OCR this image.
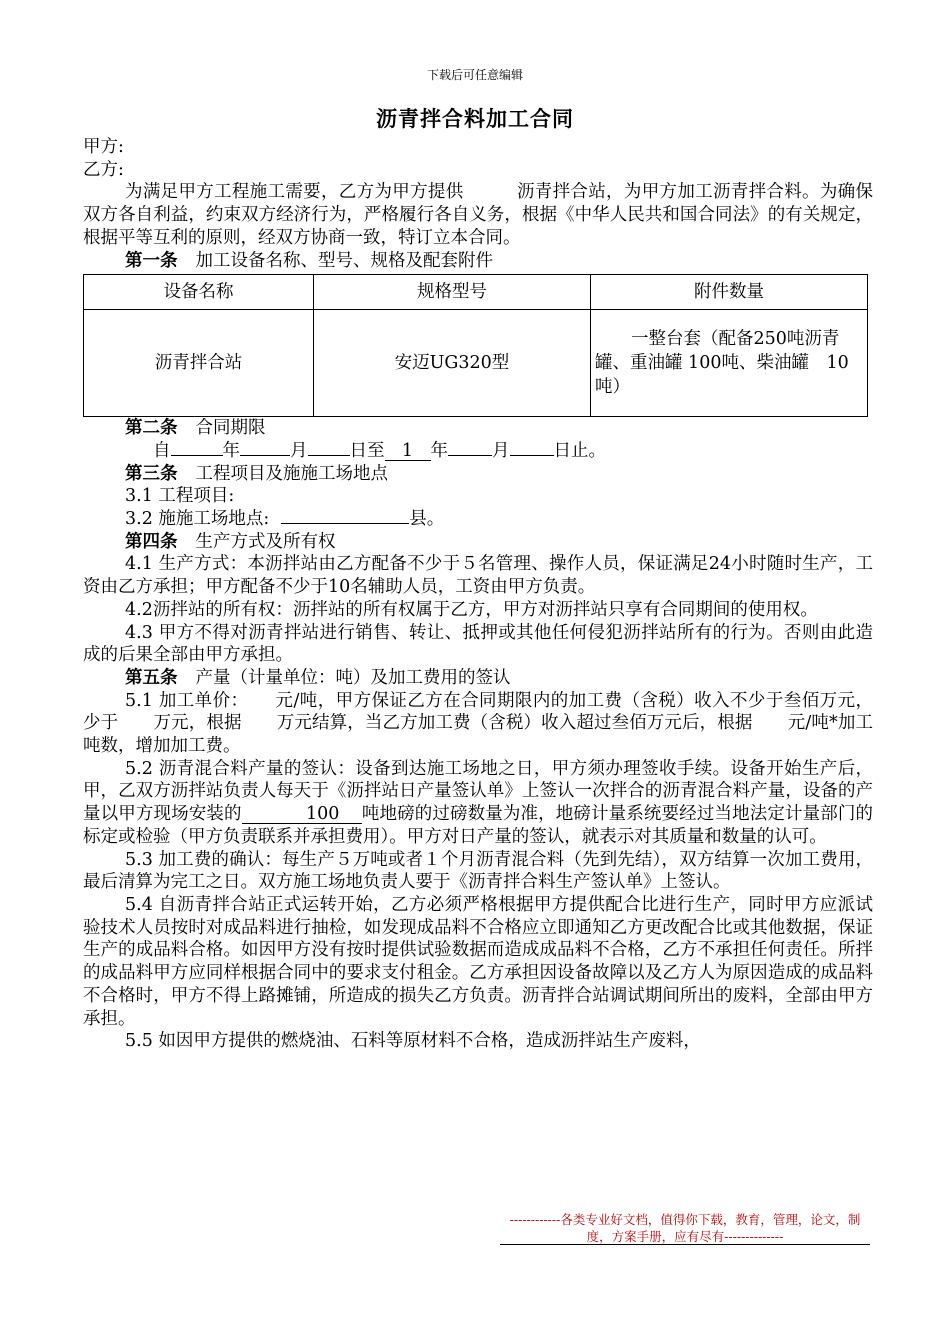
下载后可任意编辑
沥青拌合料加工合同

甲方:

乙方:

为满足甲方工程施工需要，乙方为甲方提供　　　沥青拌合站，为甲方加工沥青拌合料。为确保双方各自利益，约束双方经济行为，严格履行各自义务，根据《中华人民共和国合同法》的有关规定，根据平等互利的原则，经双方协商一致，特订立本合同。

第一条 加工设备名称、型号、规格及配套附件

设备名称	规格型号	附件数量
沥青拌合站	安迈UG320型	一整台套（配备250吨沥青罐、重油罐 100吨、柴油罐　10吨）

第二条 合同期限

自	年	月 日至 1 年	月	日止。

第三条 工程项目及施施工场地点

3.1 工程项目:

3.2 施施工场地点:	县。

第四条 生产方式及所有权

4.1 生产方式：本沥拌站由乙方配备不少于５名管理、操作人员，保证满足24小时随时生产，工资由乙方承担；甲方配备不少于10名辅助人员，工资由甲方负责。

4.2沥拌站的所有权：沥拌站的所有权属于乙方，甲方对沥拌站只享有合同期间的使用权。

4.3 甲方不得对沥青拌站进行销售、转让、抵押或其他任何侵犯沥拌站所有的行为。否则由此造成的后果全部由甲方承担。

第五条 产量（计量单位：吨）及加工费用的签认

5.1 加工单价：　　元/吨，甲方保证乙方在合同期限内的加工费（含税）收入不少于叁佰万元，少于　　万元，根据　　万元结算，当乙方加工费（含税）收入超过叁佰万元后，根据　　元/吨*加工吨数，增加加工费。

5.2 沥青混合料产量的签认：设备到达施工场地之日，甲方须办理签收手续。设备开始生产后，甲，乙双方沥拌站负责人每天于《沥拌站日产量签认单》上签认一次拌合的沥青混合料产量，设备的产量以甲方现场安装的	100 吨地磅的过磅数量为准，地磅计量系统要经过当地法定计量部门的标定或检验（甲方负责联系并承担费用）。甲方对日产量的签认，就表示对其质量和数量的认可。

5.3 加工费的确认：每生产５万吨或者１个月沥青混合料（先到先结），双方结算一次加工费用，最后清算为完工之日。双方施工场地负责人要于《沥青拌合料生产签认单》上签认。

5.4 自沥青拌合站正式运转开始，乙方必须严格根据甲方提供配合比进行生产，同时甲方应派试验技术人员按时对成品料进行抽检，如发现成品料不合格应立即通知乙方更改配合比或其他数据，保证生产的成品料合格。如因甲方没有按时提供试验数据而造成成品料不合格，乙方不承担任何责任。所拌的成品料甲方应同样根据合同中的要求支付租金。乙方承担因设备故障以及乙方人为原因造成的成品料不合格时，甲方不得上路摊铺，所造成的损失乙方负责。沥青拌合站调试期间所出的废料，全部由甲方承担。

5.5 如因甲方提供的燃烧油、石料等原材料不合格，造成沥拌站生产废料，

------------各类专业好文档，值得你下载，教育，管理，论文，制度，方案手册，应有尽有--------------
